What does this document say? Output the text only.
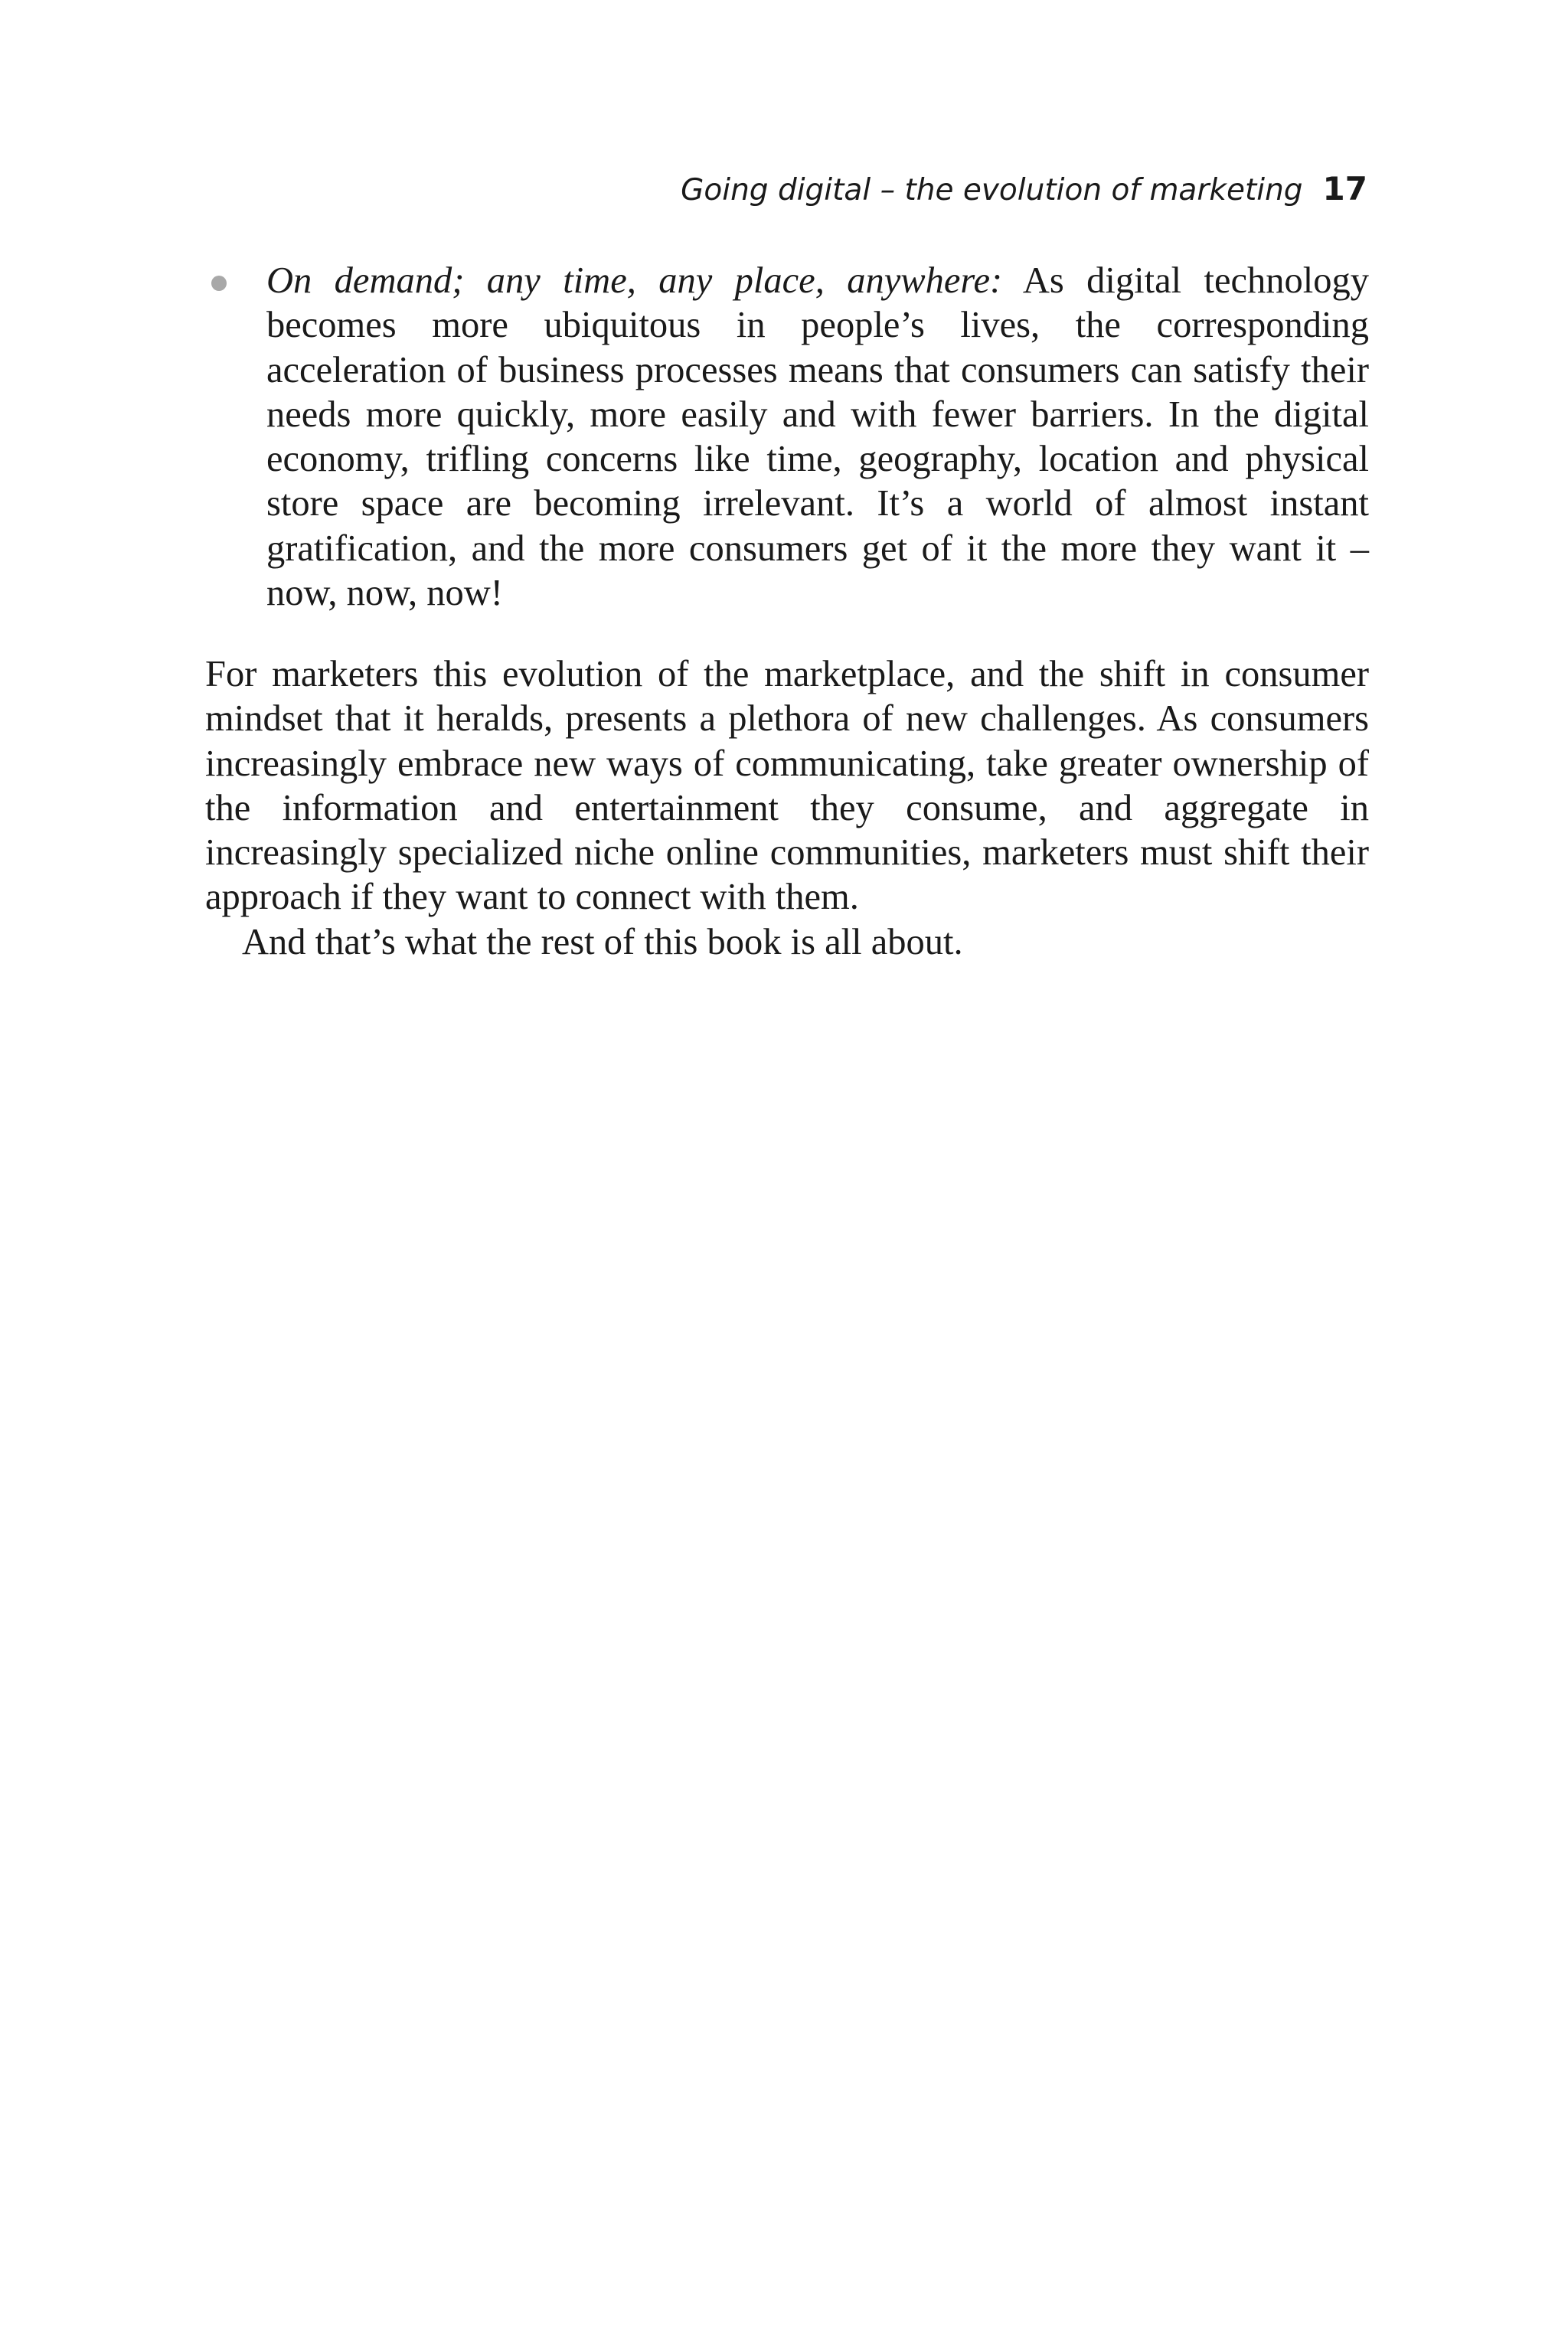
Going digital – the evolution of marketing 17

On demand; any time, any place, anywhere: As digital technology becomes more ubiquitous in people’s lives, the corresponding acceleration of business processes means that consumers can satisfy their needs more quickly, more easily and with fewer barriers. In the digital economy, trifling concerns like time, geography, location and physical store space are becoming irrelevant. It’s a world of almost instant gratification, and the more consumers get of it the more they want it – now, now, now!

For marketers this evolution of the marketplace, and the shift in consumer mindset that it heralds, presents a plethora of new challenges. As consumers increasingly embrace new ways of communicating, take greater ownership of the information and entertainment they consume, and aggregate in increasingly specialized niche online communities, marketers must shift their approach if they want to connect with them.

And that’s what the rest of this book is all about.
